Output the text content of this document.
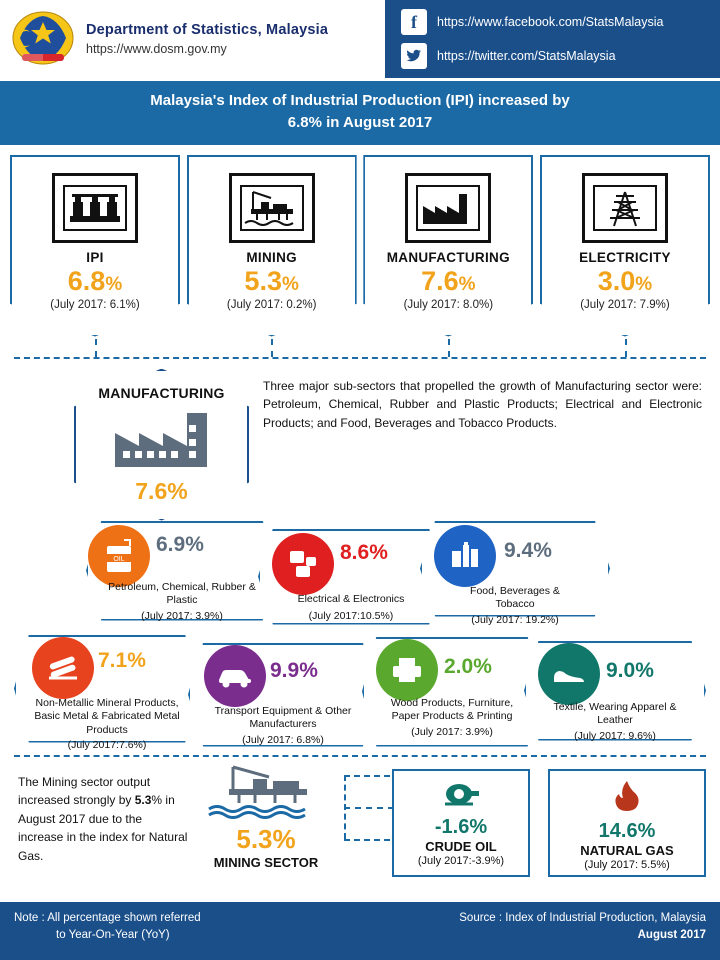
Department of Statistics, Malaysia
https://www.dosm.gov.my
f	https://www.facebook.com/StatsMalaysia
https://twitter.com/StatsMalaysia
Malaysia's Index of Industrial Production (IPI) increased by
6.8% in August 2017
IPI
6.8%
(July 2017: 6.1%)
MINING
5.3%
(July 2017: 0.2%)
MANUFACTURING
7.6%
(July 2017: 8.0%)
ELECTRICITY
3.0%
(July 2017: 7.9%)
MANUFACTURING
7.6%
Three major sub-sectors that propelled the growth of Manufacturing sector were: Petroleum, Chemical, Rubber and Plastic Products; Electrical and Electronic Products; and Food, Beverages and Tobacco Products.
OIL
6.9%
Petroleum, Chemical, Rubber & Plastic
(July 2017: 3.9%)
8.6%
Electrical & Electronics
(July 2017:10.5%)
9.4%
Food, Beverages & Tobacco
(July 2017: 19.2%)
7.1%
Non-Metallic Mineral Products, Basic Metal & Fabricated Metal Products
(July 2017:7.6%)
9.9%
Transport Equipment & Other Manufacturers
(July 2017: 6.8%)
2.0%
Wood Products, Furniture, Paper Products & Printing
(July 2017: 3.9%)
9.0%
Textile, Wearing Apparel & Leather
(July 2017: 9.6%)
The Mining sector output increased strongly by 5.3% in August 2017 due to the increase in the index for Natural Gas.
5.3%
MINING SECTOR
-1.6%
CRUDE OIL
(July 2017:-3.9%)
14.6%
NATURAL GAS
(July 2017: 5.5%)
Note : All percentage shown referred
to Year-On-Year (YoY)
Source : Index of Industrial Production, Malaysia
August 2017
